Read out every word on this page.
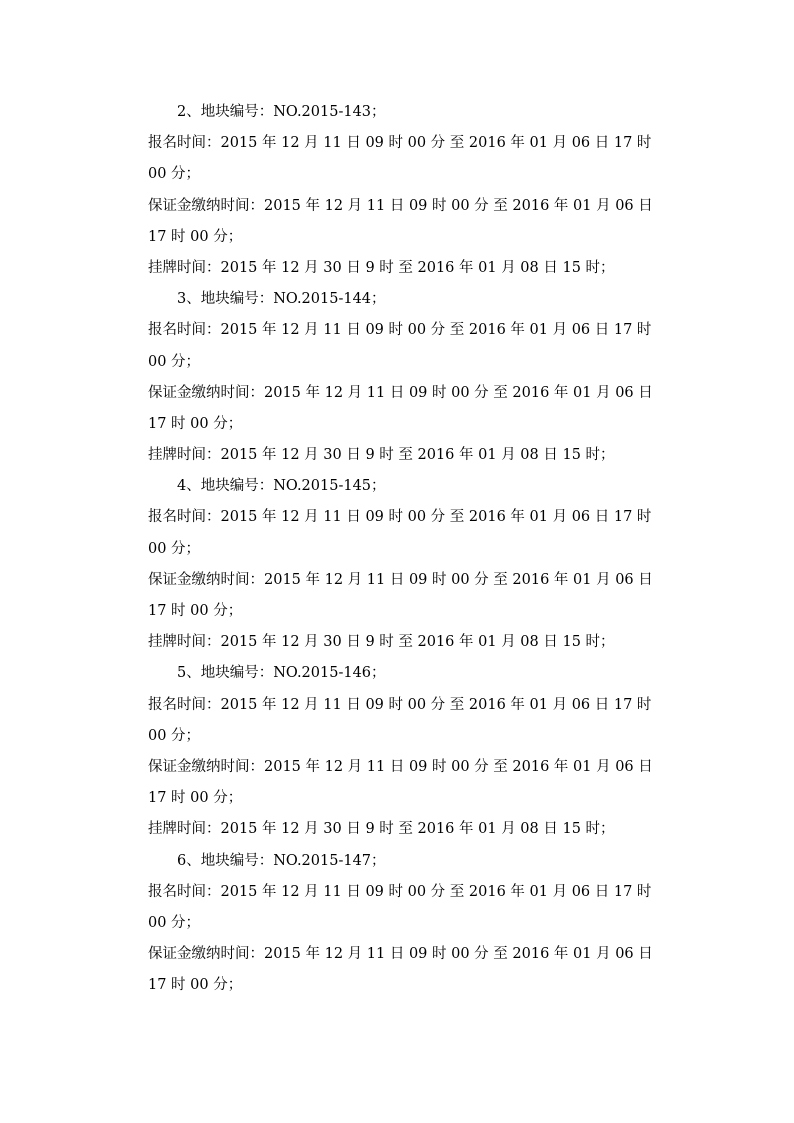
2、地块编号：NO.2015-143；
报名时间：2015 年 12 月 11 日 09 时 00 分 至 2016 年 01 月 06 日 17 时
00 分；
保证金缴纳时间：2015 年 12 月 11 日 09 时 00 分 至 2016 年 01 月 06 日
17 时 00 分；
挂牌时间：2015 年 12 月 30 日 9 时 至 2016 年 01 月 08 日 15 时；
3、地块编号：NO.2015-144；
报名时间：2015 年 12 月 11 日 09 时 00 分 至 2016 年 01 月 06 日 17 时
00 分；
保证金缴纳时间：2015 年 12 月 11 日 09 时 00 分 至 2016 年 01 月 06 日
17 时 00 分；
挂牌时间：2015 年 12 月 30 日 9 时 至 2016 年 01 月 08 日 15 时；
4、地块编号：NO.2015-145；
报名时间：2015 年 12 月 11 日 09 时 00 分 至 2016 年 01 月 06 日 17 时
00 分；
保证金缴纳时间：2015 年 12 月 11 日 09 时 00 分 至 2016 年 01 月 06 日
17 时 00 分；
挂牌时间：2015 年 12 月 30 日 9 时 至 2016 年 01 月 08 日 15 时；
5、地块编号：NO.2015-146；
报名时间：2015 年 12 月 11 日 09 时 00 分 至 2016 年 01 月 06 日 17 时
00 分；
保证金缴纳时间：2015 年 12 月 11 日 09 时 00 分 至 2016 年 01 月 06 日
17 时 00 分；
挂牌时间：2015 年 12 月 30 日 9 时 至 2016 年 01 月 08 日 15 时；
6、地块编号：NO.2015-147；
报名时间：2015 年 12 月 11 日 09 时 00 分 至 2016 年 01 月 06 日 17 时
00 分；
保证金缴纳时间：2015 年 12 月 11 日 09 时 00 分 至 2016 年 01 月 06 日
17 时 00 分；
